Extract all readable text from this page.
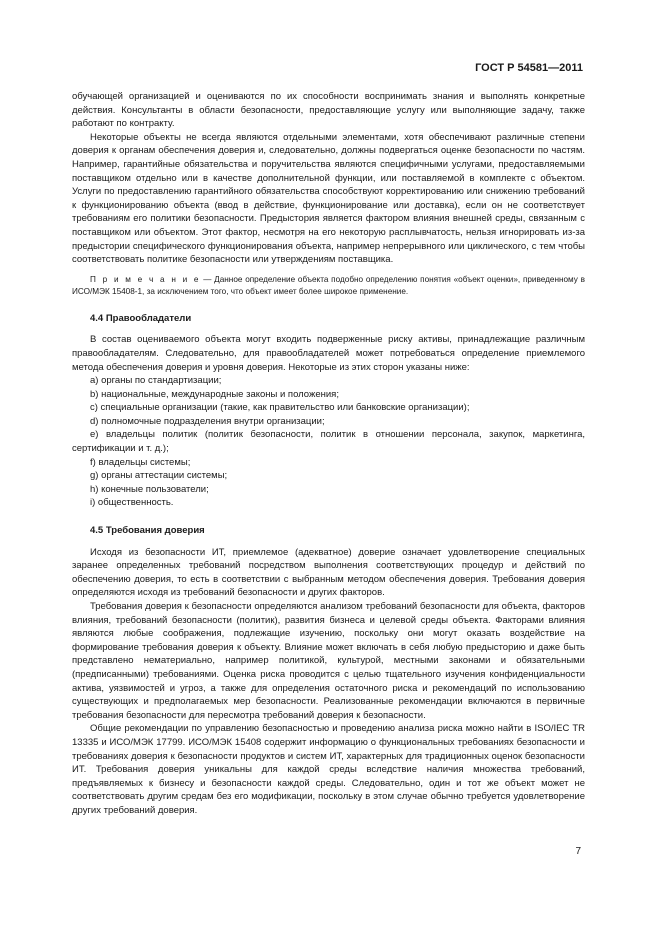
ГОСТ Р 54581—2011

обучающей организацией и оцениваются по их способности воспринимать знания и выполнять конкретные действия. Консультанты в области безопасности, предоставляющие услугу или выполняющие задачу, также работают по контракту.

Некоторые объекты не всегда являются отдельными элементами, хотя обеспечивают различные степени доверия к органам обеспечения доверия и, следовательно, должны подвергаться оценке безопасности по частям. Например, гарантийные обязательства и поручительства являются специфичными услугами, предоставляемыми поставщиком отдельно или в качестве дополнительной функции, или поставляемой в комплекте с объектом. Услуги по предоставлению гарантийного обязательства способствуют корректированию или снижению требований к функционированию объекта (ввод в действие, функционирование или доставка), если он не соответствует требованиям его политики безопасности. Предыстория является фактором влияния внешней среды, связанным с поставщиком или объектом. Этот фактор, несмотря на его некоторую расплывчатость, нельзя игнорировать из-за предыстории специфического функционирования объекта, например непрерывного или циклического, с тем чтобы соответствовать политике безопасности или утверждениям поставщика.

П р и м е ч а н и е — Данное определение объекта подобно определению понятия «объект оценки», приведенному в ИСО/МЭК 15408-1, за исключением того, что объект имеет более широкое применение.

4.4 Правообладатели

В состав оцениваемого объекта могут входить подверженные риску активы, принадлежащие различным правообладателям. Следовательно, для правообладателей может потребоваться определение приемлемого метода обеспечения доверия и уровня доверия. Некоторые из этих сторон указаны ниже:

а) органы по стандартизации;
b) национальные, международные законы и положения;
с) специальные организации (такие, как правительство или банковские организации);
d) полномочные подразделения внутри организации;
е) владельцы политик (политик безопасности, политик в отношении персонала, закупок, маркетинга, сертификации и т. д.);
f) владельцы системы;
g) органы аттестации системы;
h) конечные пользователи;
i) общественность.

4.5 Требования доверия

Исходя из безопасности ИТ, приемлемое (адекватное) доверие означает удовлетворение специальных заранее определенных требований посредством выполнения соответствующих процедур и действий по обеспечению доверия, то есть в соответствии с выбранным методом обеспечения доверия. Требования доверия определяются исходя из требований безопасности и других факторов.

Требования доверия к безопасности определяются анализом требований безопасности для объекта, факторов влияния, требований безопасности (политик), развития бизнеса и целевой среды объекта. Факторами влияния являются любые соображения, подлежащие изучению, поскольку они могут оказать воздействие на формирование требования доверия к объекту. Влияние может включать в себя любую предысторию и даже быть представлено нематериально, например политикой, культурой, местными законами и обязательными (предписанными) требованиями. Оценка риска проводится с целью тщательного изучения конфиденциальности актива, уязвимостей и угроз, а также для определения остаточного риска и рекомендаций по использованию существующих и предполагаемых мер безопасности. Реализованные рекомендации включаются в первичные требования безопасности для пересмотра требований доверия к безопасности.

Общие рекомендации по управлению безопасностью и проведению анализа риска можно найти в ISO/IEC TR 13335 и ИСО/МЭК 17799. ИСО/МЭК 15408 содержит информацию о функциональных требованиях безопасности и требованиях доверия к безопасности продуктов и систем ИТ, характерных для традиционных оценок безопасности ИТ. Требования доверия уникальны для каждой среды вследствие наличия множества требований, предъявляемых к бизнесу и безопасности каждой среды. Следовательно, один и тот же объект может не соответствовать другим средам без его модификации, поскольку в этом случае обычно требуется удовлетворение других требований доверия.

7
